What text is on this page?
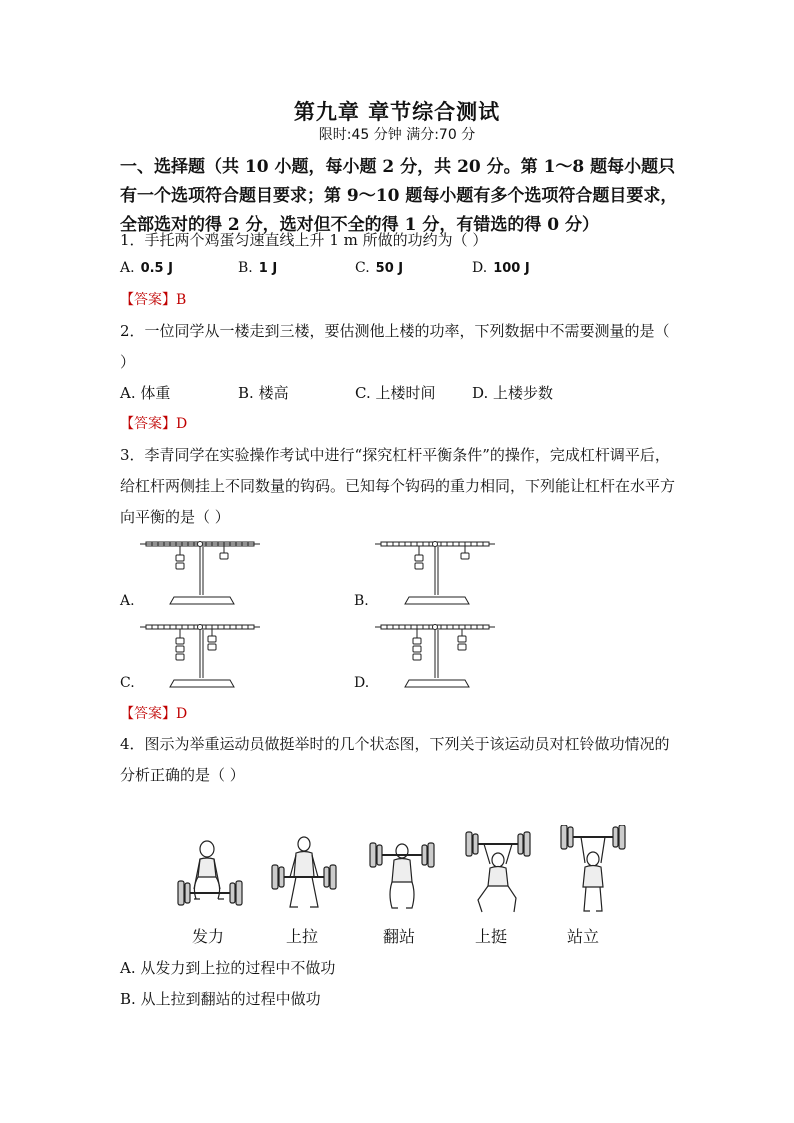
第九章 章节综合测试
限时:45 分钟 满分:70 分
一、选择题（共 10 小题，每小题 2 分，共 20 分。第 1～8 题每小题只有一个选项符合题目要求；第 9～10 题每小题有多个选项符合题目要求，全部选对的得 2 分，选对但不全的得 1 分，有错选的得 0 分）
1．手托两个鸡蛋匀速直线上升 1 m 所做的功约为（ ）
A. 0.5 J	B. 1 J	C. 50 J	D. 100 J
【答案】B
2．一位同学从一楼走到三楼，要估测他上楼的功率，下列数据中不需要测量的是（ ）
A. 体重	B. 楼高	C. 上楼时间 D. 上楼步数
【答案】D
3．李青同学在实验操作考试中进行“探究杠杆平衡条件”的操作，完成杠杆调平后，给杠杆两侧挂上不同数量的钩码。已知每个钩码的重力相同，下列能让杠杆在水平方向平衡的是（ ）
A.	B.
C.	D.
【答案】D
4．图示为举重运动员做挺举时的几个状态图，下列关于该运动员对杠铃做功情况的分析正确的是（ ）
发力	上拉	翻站	上挺	站立
A. 从发力到上拉的过程中不做功
B. 从上拉到翻站的过程中做功
